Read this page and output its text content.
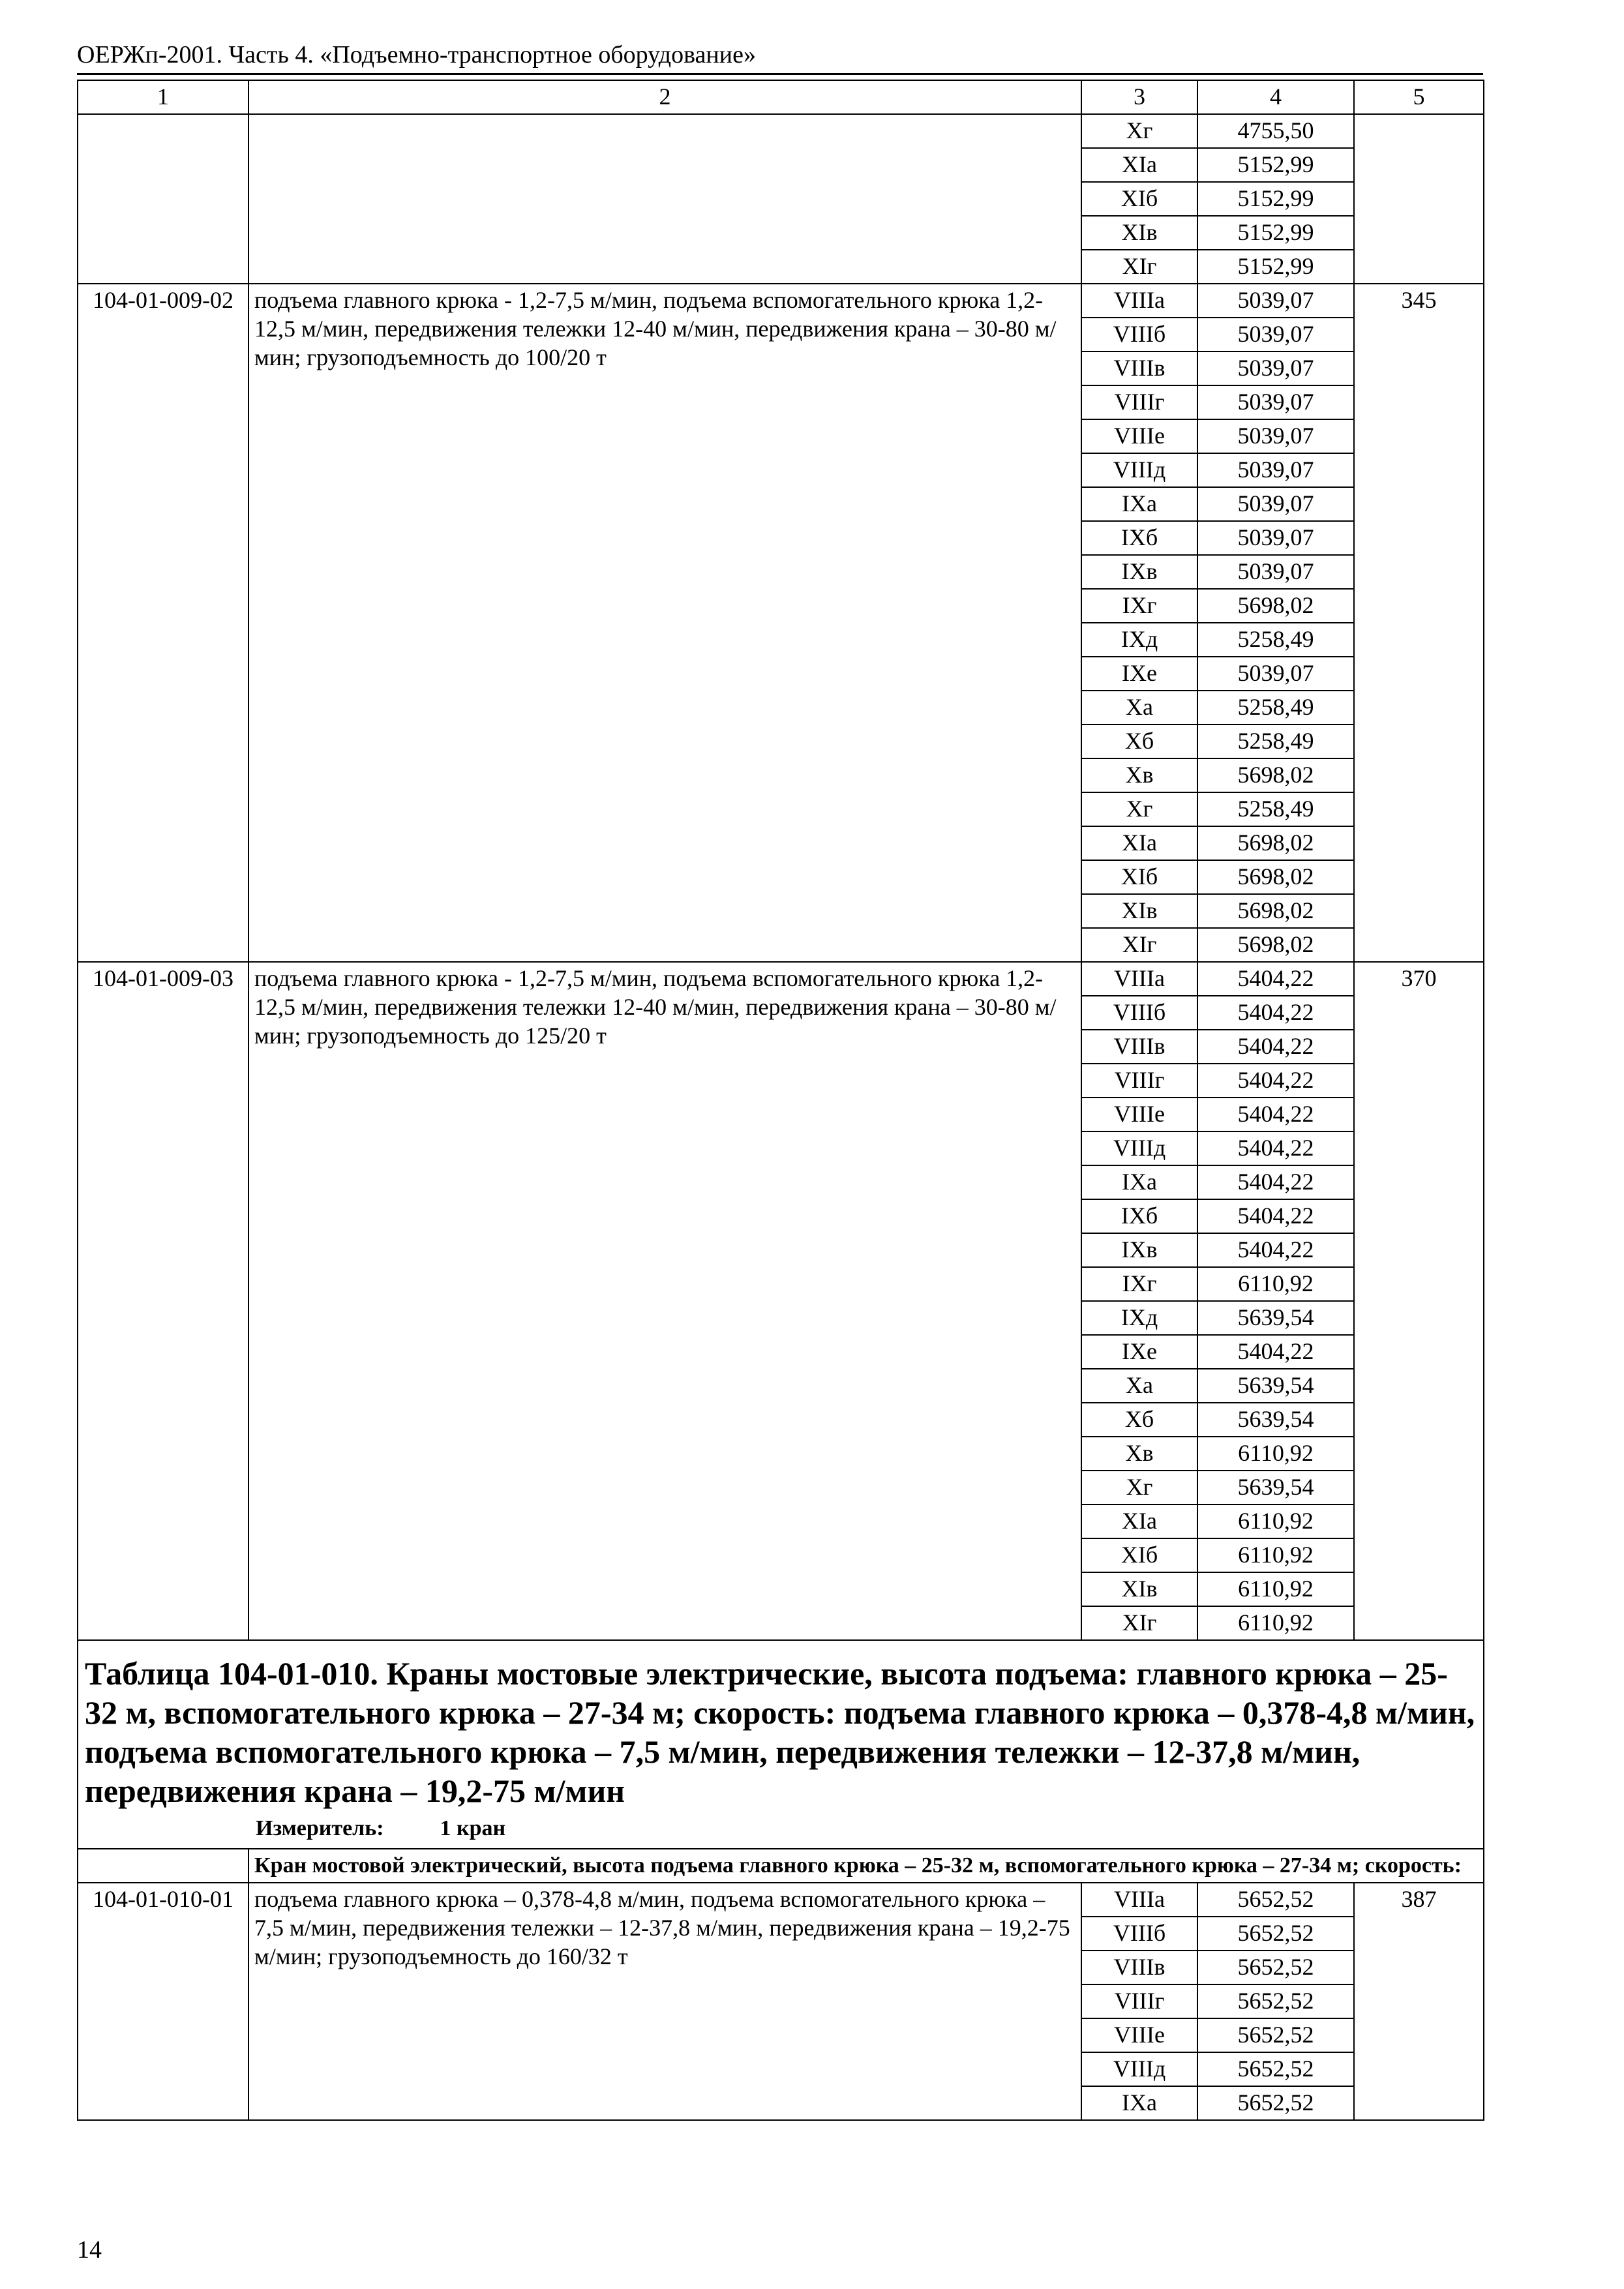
ОЕРЖп-2001. Часть 4. «Подъемно-транспортное оборудование»
1	2	3	4	5
		Xг	4755,50	
		XIа	5152,99	
		XIб	5152,99	
		XIв	5152,99	
		XIг	5152,99	
104-01-009-02	подъема главного крюка - 1,2-7,5 м/мин, подъема вспомогательного крюка 1,2-12,5 м/мин, передвижения тележки 12-40 м/мин, передвижения крана – 30-80 м/мин; грузоподъемность до 100/20 т	VIIIа	5039,07	345
		VIIIб	5039,07	
		VIIIв	5039,07	
		VIIIг	5039,07	
		VIIIе	5039,07	
		VIIIд	5039,07	
		IXа	5039,07	
		IXб	5039,07	
		IXв	5039,07	
		IXг	5698,02	
		IXд	5258,49	
		IXе	5039,07	
		Xа	5258,49	
		Xб	5258,49	
		Xв	5698,02	
		Xг	5258,49	
		XIа	5698,02	
		XIб	5698,02	
		XIв	5698,02	
		XIг	5698,02	
104-01-009-03	подъема главного крюка - 1,2-7,5 м/мин, подъема вспомогательного крюка 1,2-12,5 м/мин, передвижения тележки 12-40 м/мин, передвижения крана – 30-80 м/мин; грузоподъемность до 125/20 т	VIIIа	5404,22	370
		VIIIб	5404,22	
		VIIIв	5404,22	
		VIIIг	5404,22	
		VIIIе	5404,22	
		VIIIд	5404,22	
		IXа	5404,22	
		IXб	5404,22	
		IXв	5404,22	
		IXг	6110,92	
		IXд	5639,54	
		IXе	5404,22	
		Xа	5639,54	
		Xб	5639,54	
		Xв	6110,92	
		Xг	5639,54	
		XIа	6110,92	
		XIб	6110,92	
		XIв	6110,92	
		XIг	6110,92	

Таблица 104-01-010. Краны мостовые электрические, высота подъема: главного крюка – 25-32 м, вспомогательного крюка – 27-34 м; скорость: подъема главного крюка – 0,378-4,8 м/мин, подъема вспомогательного крюка – 7,5 м/мин, передвижения тележки – 12-37,8 м/мин, передвижения крана – 19,2-75 м/мин
Измеритель: 1 кран				

	Кран мостовой электрический, высота подъема главного крюка – 25-32 м, вспомогательного крюка – 27-34 м; скорость:			
104-01-010-01	подъема главного крюка – 0,378-4,8 м/мин, подъема вспомогательного крюка – 7,5 м/мин, передвижения тележки – 12-37,8 м/мин, передвижения крана – 19,2-75 м/мин; грузоподъемность до 160/32 т	VIIIа	5652,52	387
		VIIIб	5652,52	
		VIIIв	5652,52	
		VIIIг	5652,52	
		VIIIе	5652,52	
		VIIIд	5652,52	
		IXа	5652,52	
14
